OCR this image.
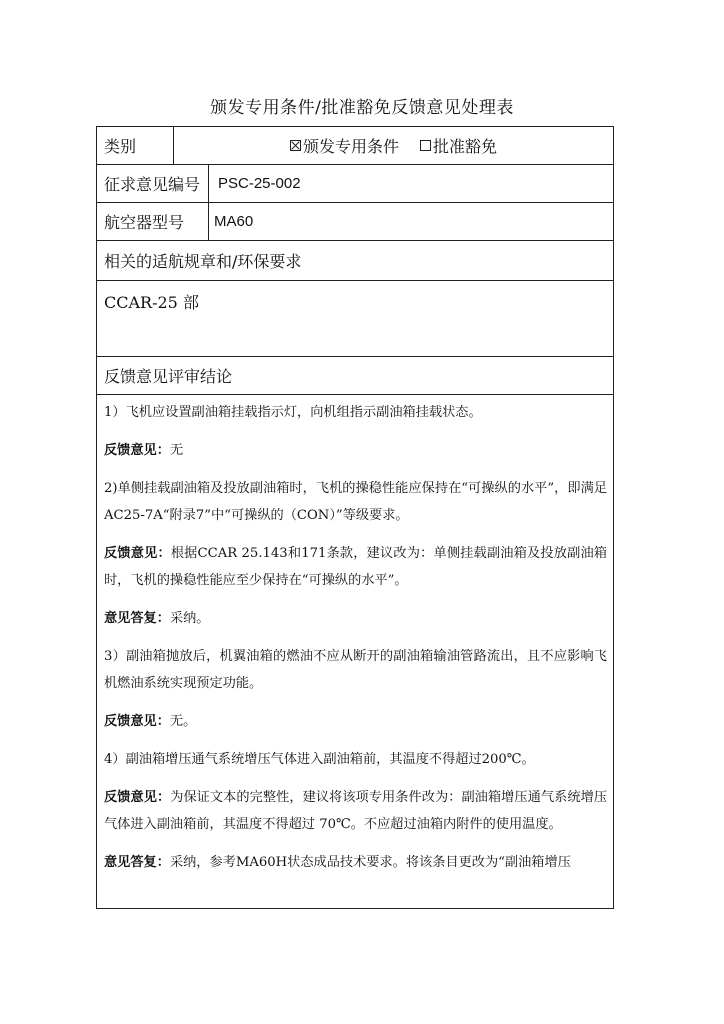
颁发专用条件/批准豁免反馈意见处理表
类别	颁发专用条件 批准豁免
征求意见编号	PSC-25-002
航空器型号	MA60
相关的适航规章和/环保要求
CCAR-25 部
反馈意见评审结论

1）飞机应设置副油箱挂载指示灯，向机组指示副油箱挂载状态。

反馈意见：无

2)单侧挂载副油箱及投放副油箱时，飞机的操稳性能应保持在“可操纵的水平”，即满足AC25-7A“附录7”中“可操纵的（CON）”等级要求。

反馈意见：根据CCAR 25.143和171条款，建议改为：单侧挂载副油箱及投放副油箱时，飞机的操稳性能应至少保持在“可操纵的水平”。

意见答复：采纳。

3）副油箱抛放后，机翼油箱的燃油不应从断开的副油箱输油管路流出，且不应影响飞机燃油系统实现预定功能。

反馈意见：无。

4）副油箱增压通气系统增压气体进入副油箱前，其温度不得超过200℃。

反馈意见：为保证文本的完整性，建议将该项专用条件改为：副油箱增压通气系统增压气体进入副油箱前，其温度不得超过 70℃。不应超过油箱内附件的使用温度。

意见答复：采纳，参考MA60H状态成品技术要求。将该条目更改为“副油箱增压
